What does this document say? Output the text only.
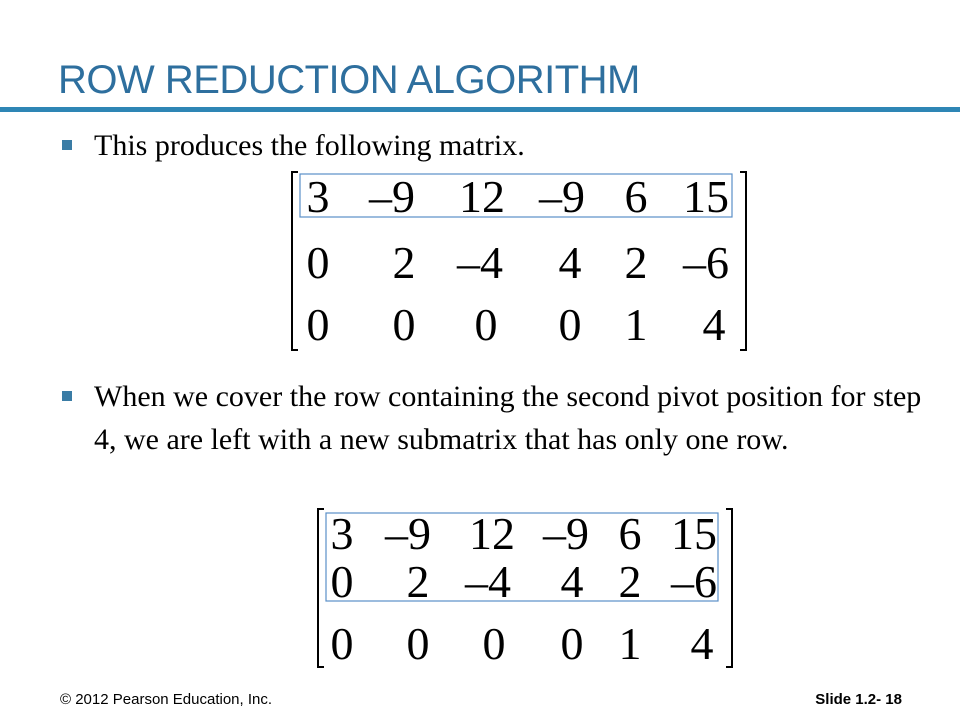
ROW REDUCTION ALGORITHM
This produces the following matrix.
3 –9 12 –9 6 15
0 2 –4 4 2 –6
0 0 0 0 1 4
When we cover the row containing the second pivot position for step 4, we are left with a new submatrix that has only one row.
3 –9 12 –9 6 15
0 2 –4 4 2 –6
0 0 0 0 1 4
© 2012 Pearson Education, Inc.	Slide 1.2- 18
